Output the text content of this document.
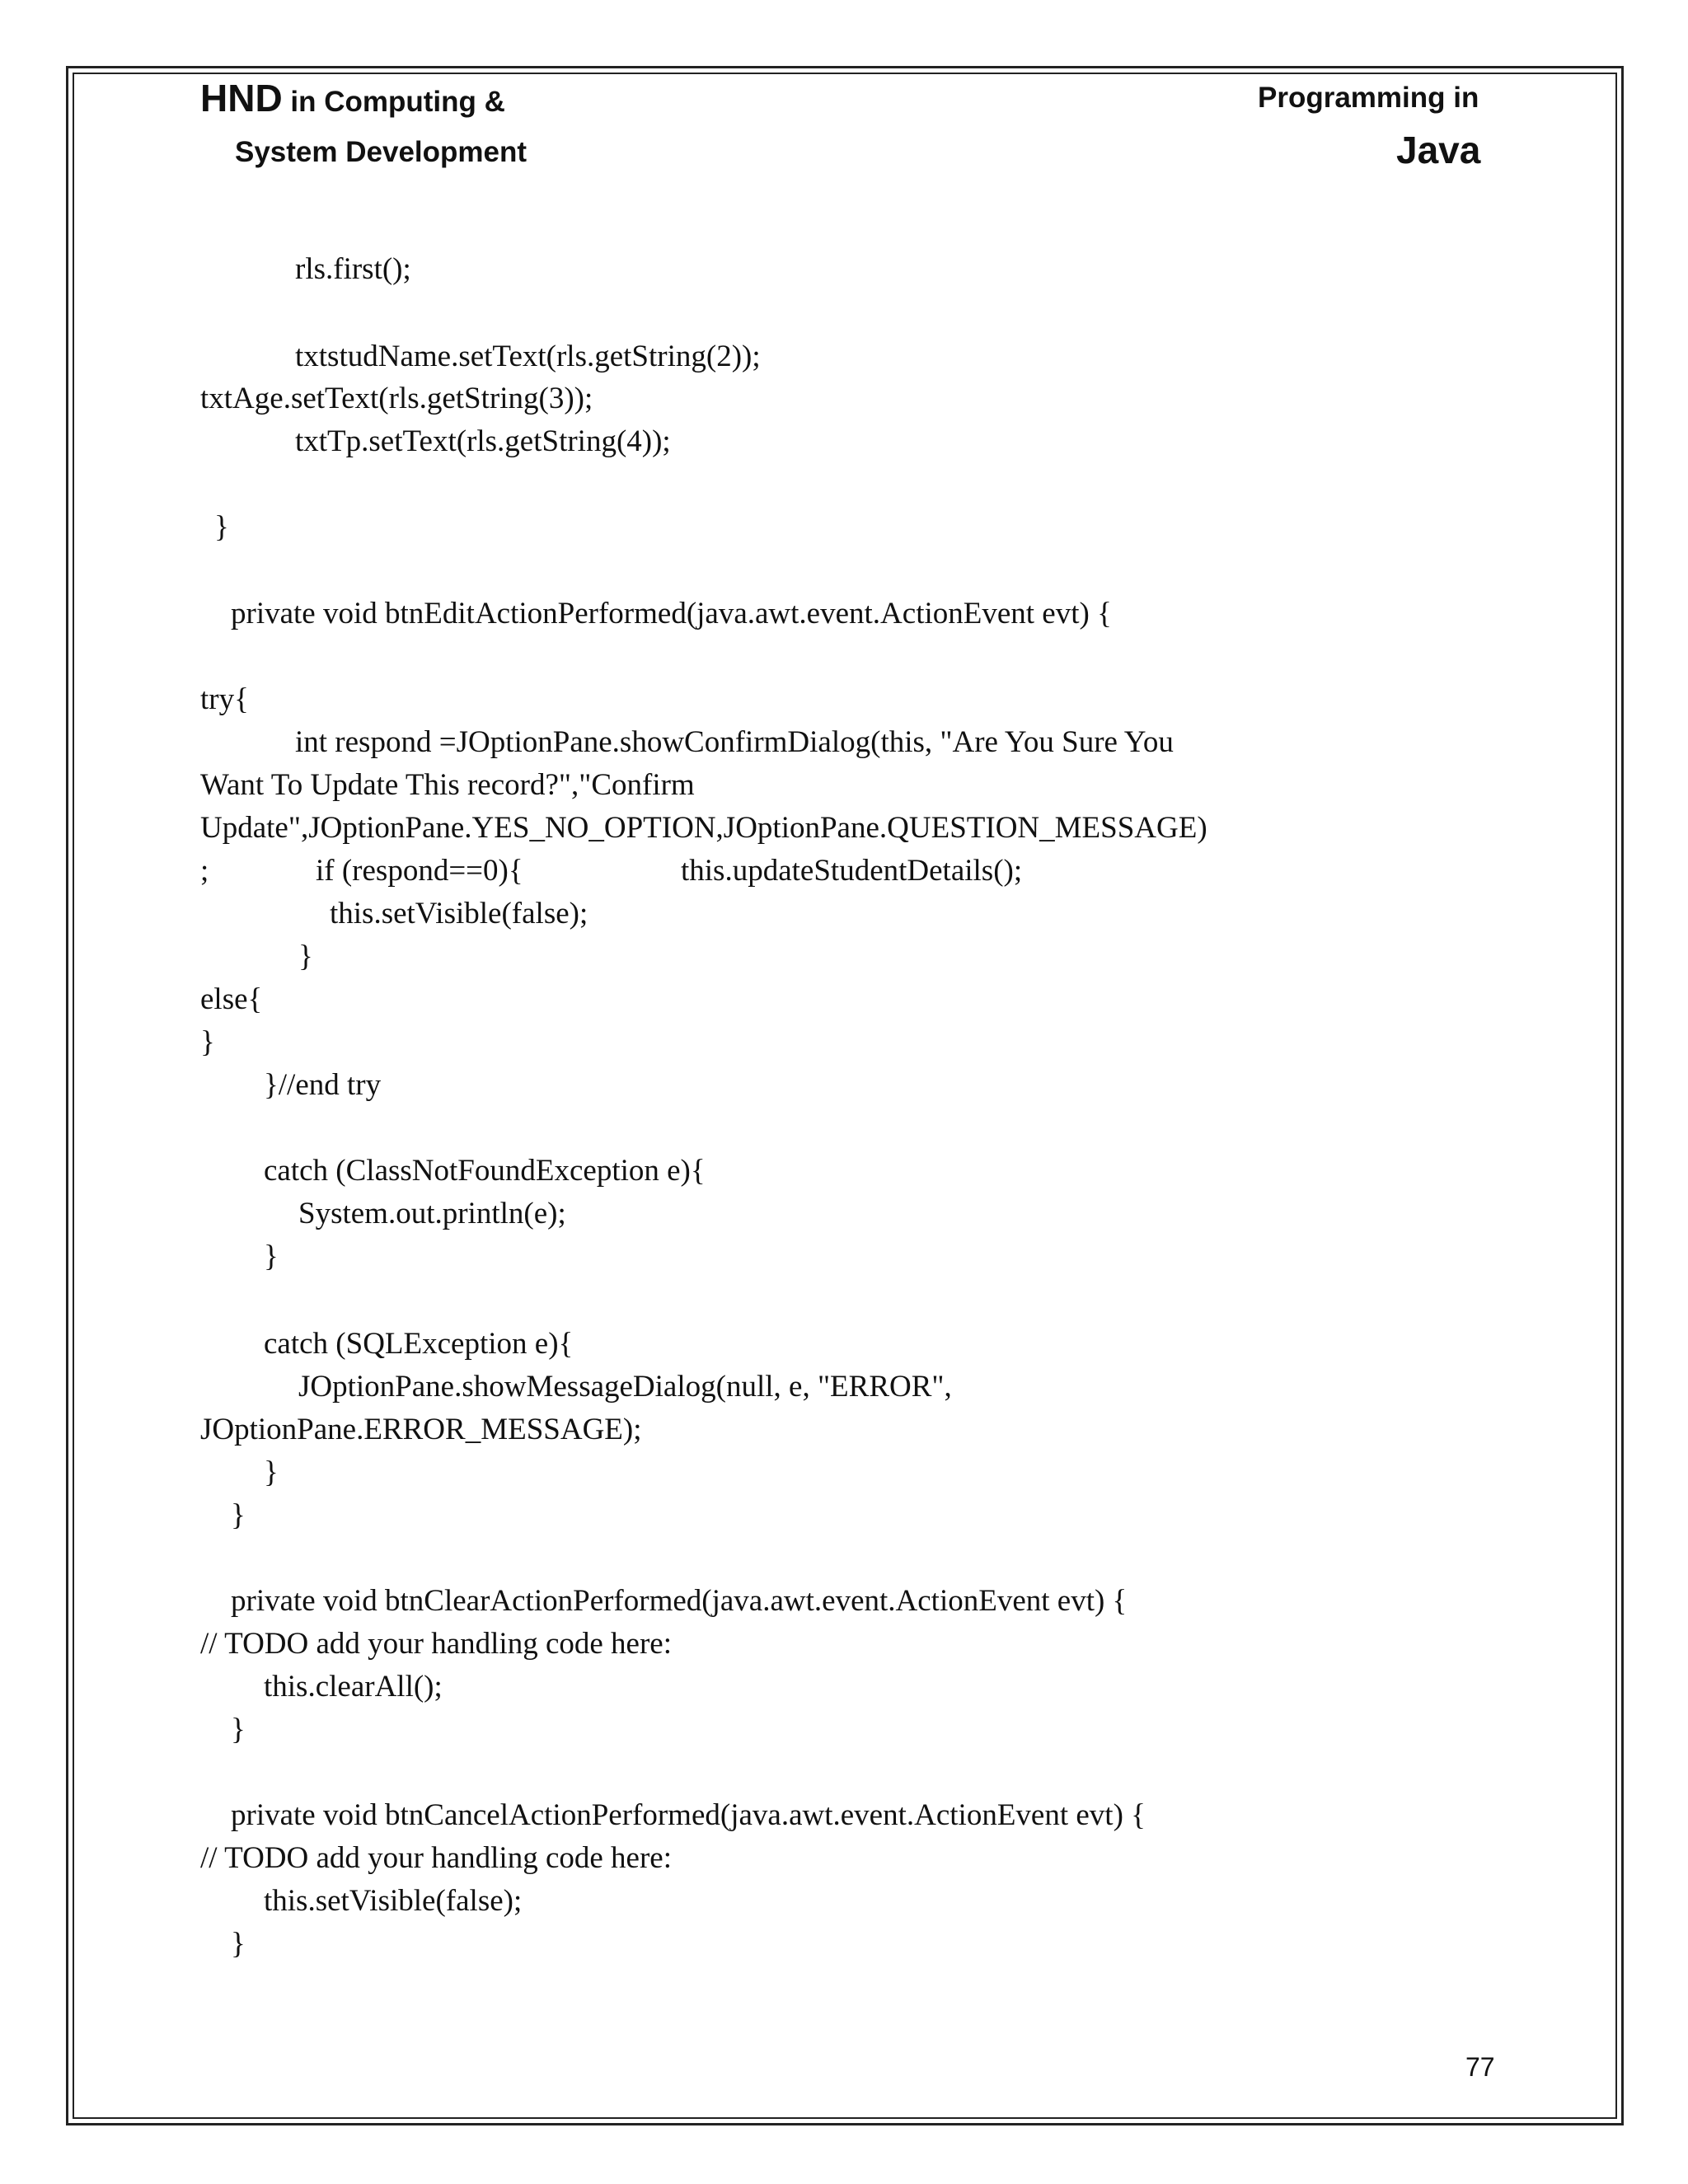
HND in Computing &
System Development
Programming in
Java
rls.first();
txtstudName.setText(rls.getString(2));
txtAge.setText(rls.getString(3));
txtTp.setText(rls.getString(4));
}
private void btnEditActionPerformed(java.awt.event.ActionEvent evt) {
try{
int respond =JOptionPane.showConfirmDialog(this, "Are You Sure You
Want To Update This record?","Confirm
Update",JOptionPane.YES_NO_OPTION,JOptionPane.QUESTION_MESSAGE)
;	if (respond==0){	this.updateStudentDetails();
this.setVisible(false);
}
else{
}
}//end try
catch (ClassNotFoundException e){
System.out.println(e);
}
catch (SQLException e){
JOptionPane.showMessageDialog(null, e, "ERROR",
JOptionPane.ERROR_MESSAGE);
}
}
private void btnClearActionPerformed(java.awt.event.ActionEvent evt) {
// TODO add your handling code here:
this.clearAll();
}
private void btnCancelActionPerformed(java.awt.event.ActionEvent evt) {
// TODO add your handling code here:
this.setVisible(false);
}
77
